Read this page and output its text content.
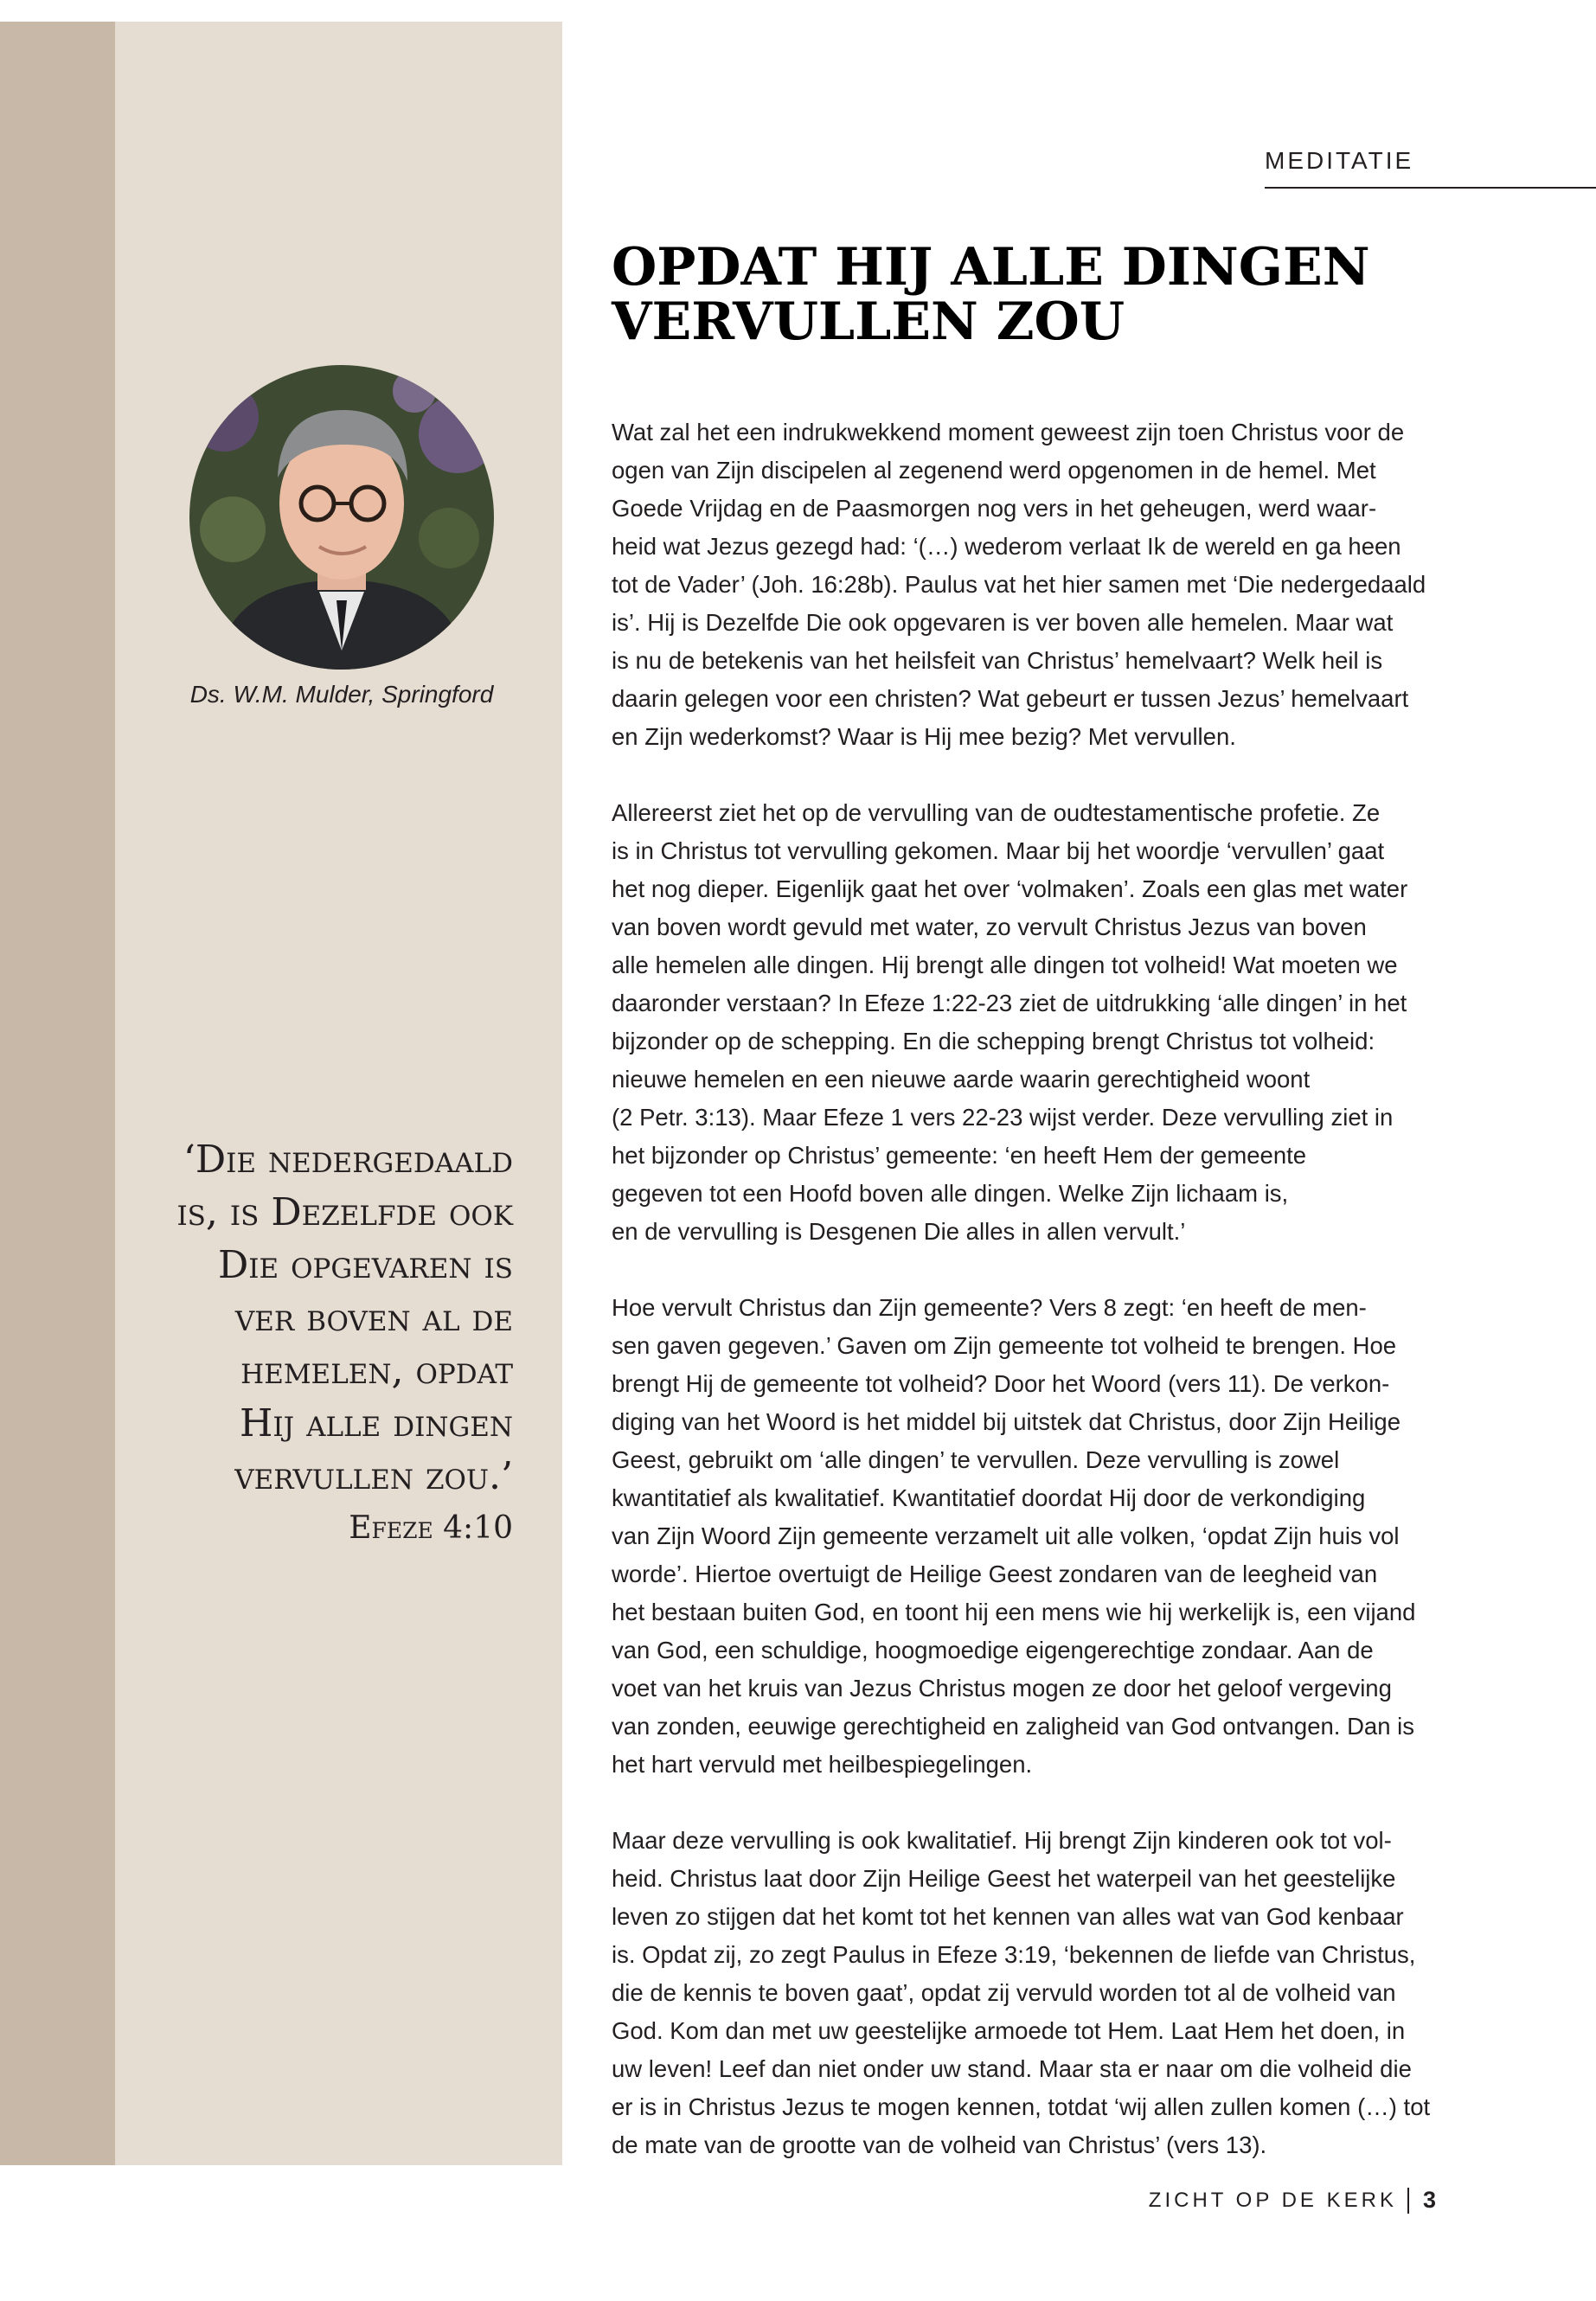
MEDITATIE
OPDAT HIJ ALLE DINGEN
VERVULLEN ZOU
Ds. W.M. Mulder, Springford
‘Die nedergedaald
is, is Dezelfde ook
Die opgevaren is
ver boven al de
hemelen, opdat
Hij alle dingen
vervullen zou.’
Efeze 4:10
Wat zal het een indrukwekkend moment geweest zijn toen Christus voor de
ogen van Zijn discipelen al zegenend werd opgenomen in de hemel. Met
Goede Vrijdag en de Paasmorgen nog vers in het geheugen, werd waar-
heid wat Jezus gezegd had: ‘(…) wederom verlaat Ik de wereld en ga heen
tot de Vader’ (Joh. 16:28b). Paulus vat het hier samen met ‘Die nedergedaald
is’. Hij is Dezelfde Die ook opgevaren is ver boven alle hemelen. Maar wat
is nu de betekenis van het heilsfeit van Christus’ hemelvaart? Welk heil is
daarin gelegen voor een christen? Wat gebeurt er tussen Jezus’ hemelvaart
en Zijn wederkomst? Waar is Hij mee bezig? Met vervullen.
Allereerst ziet het op de vervulling van de oudtestamentische profetie. Ze
is in Christus tot vervulling gekomen. Maar bij het woordje ‘vervullen’ gaat
het nog dieper. Eigenlijk gaat het over ‘volmaken’. Zoals een glas met water
van boven wordt gevuld met water, zo vervult Christus Jezus van boven
alle hemelen alle dingen. Hij brengt alle dingen tot volheid! Wat moeten we
daaronder verstaan? In Efeze 1:22-23 ziet de uitdrukking ‘alle dingen’ in het
bijzonder op de schepping. En die schepping brengt Christus tot volheid:
nieuwe hemelen en een nieuwe aarde waarin gerechtigheid woont
(2 Petr. 3:13). Maar Efeze 1 vers 22-23 wijst verder. Deze vervulling ziet in
het bijzonder op Christus’ gemeente: ‘en heeft Hem der gemeente
gegeven tot een Hoofd boven alle dingen. Welke Zijn lichaam is,
en de vervulling is Desgenen Die alles in allen vervult.’
Hoe vervult Christus dan Zijn gemeente? Vers 8 zegt: ‘en heeft de men-
sen gaven gegeven.’ Gaven om Zijn gemeente tot volheid te brengen. Hoe
brengt Hij de gemeente tot volheid? Door het Woord (vers 11). De verkon-
diging van het Woord is het middel bij uitstek dat Christus, door Zijn Heilige
Geest, gebruikt om ‘alle dingen’ te vervullen. Deze vervulling is zowel
kwantitatief als kwalitatief. Kwantitatief doordat Hij door de verkondiging
van Zijn Woord Zijn gemeente verzamelt uit alle volken, ‘opdat Zijn huis vol
worde’. Hiertoe overtuigt de Heilige Geest zondaren van de leegheid van
het bestaan buiten God, en toont hij een mens wie hij werkelijk is, een vijand
van God, een schuldige, hoogmoedige eigengerechtige zondaar. Aan de
voet van het kruis van Jezus Christus mogen ze door het geloof vergeving
van zonden, eeuwige gerechtigheid en zaligheid van God ontvangen. Dan is
het hart vervuld met heilbespiegelingen.
Maar deze vervulling is ook kwalitatief. Hij brengt Zijn kinderen ook tot vol-
heid. Christus laat door Zijn Heilige Geest het waterpeil van het geestelijke
leven zo stijgen dat het komt tot het kennen van alles wat van God kenbaar
is. Opdat zij, zo zegt Paulus in Efeze 3:19, ‘bekennen de liefde van Christus,
die de kennis te boven gaat’, opdat zij vervuld worden tot al de volheid van
God. Kom dan met uw geestelijke armoede tot Hem. Laat Hem het doen, in
uw leven! Leef dan niet onder uw stand. Maar sta er naar om die volheid die
er is in Christus Jezus te mogen kennen, totdat ‘wij allen zullen komen (…) tot
de mate van de grootte van de volheid van Christus’ (vers 13).
ZICHT OP DE KERK 3
